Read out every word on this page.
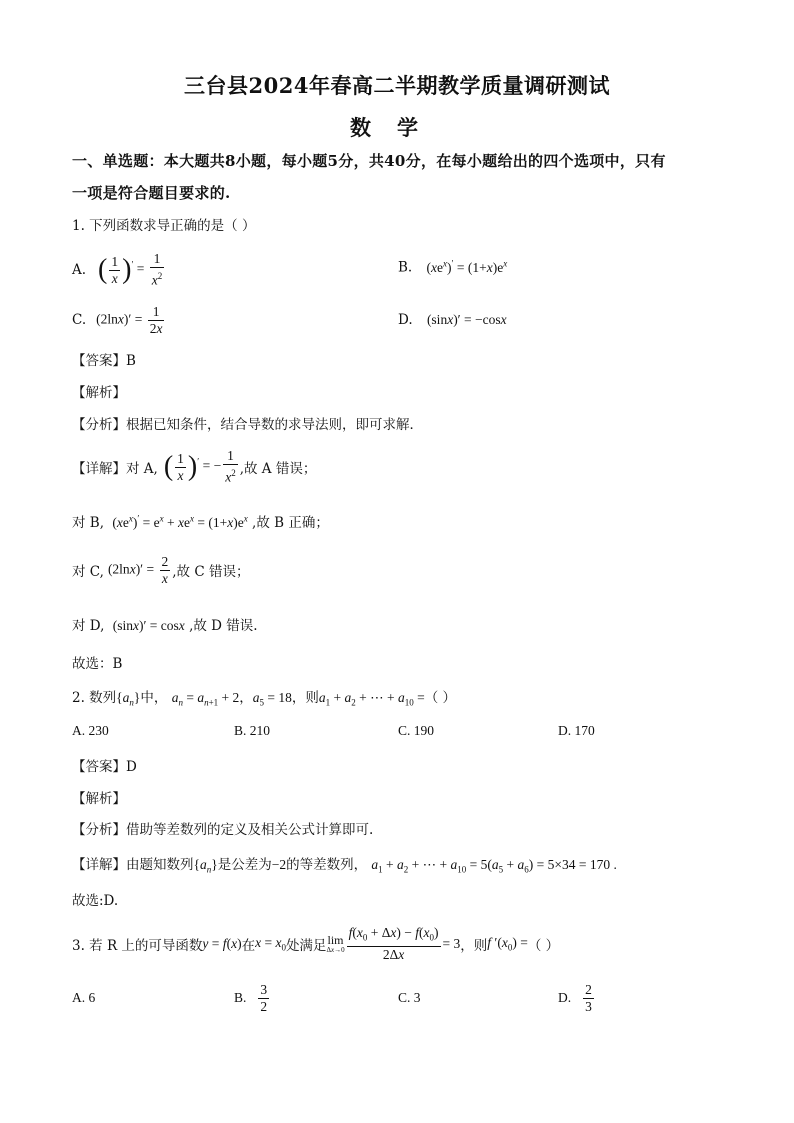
三台县2024年春高二半期教学质量调研测试
数学
一、单选题：本大题共8小题，每小题5分，共40分，在每小题给出的四个选项中，只有
一项是符合题目要求的.
1. 下列函数求导正确的是（ ）
A. ( $\frac{1}{x} )' = \frac{1}{x^2}$	B. $(xe^x)' = (1+x)e^x$
C. $(2\ln x)' = \frac{1}{2x}$	D. (sinx)′ = −cosx
【答案】B
【解析】
【分析】根据已知条件，结合导数的求导法则，即可求解．
【详解】对 A, ( $\frac{1}{x} )'$ = − $\frac{1}{x^2}$ ,故 A 错误；
对 B, $(xe^x)' = e^x + xe^x = (1+x)e^x$ ,故 B 正确；
对 C, $(2\ln x)' = \frac{2}{x}$ ,故 C 错误；
对 D, (sinx)′ = cosx ,故 D 错误.
故选：B
2. 数列$\{a_n\}$中， $a_n = a_{n+1} + 2$，$a_5 = 18$，则$a_1 + a_2$ + ⋯ + $a_{10}$ =（ ）
A. 230	B. 210	C. 190	D. 170
【答案】D
【解析】
【分析】借助等差数列的定义及相关公式计算即可.
【详解】由题知数列$\{a_n\}$是公差为−2的等差数列， $a_1 + a_2$ + ⋯ + $a_{10} = 5(a_5 + a_6) = 5\times 34 = 170$ .
故选:D.
3. 若 R 上的可导函数 y = f(x) 在 $x = x_0$ 处满足 lim
$\Delta x\to 0 \frac{f(x_0 + \Delta x) - f(x_0)}{2\Delta x} = 3$ ，则 f $'(x_0)$ = （ ）
A. 6	B. $\frac{3}{2}$	C. 3	D. $\frac{2}{3}$
